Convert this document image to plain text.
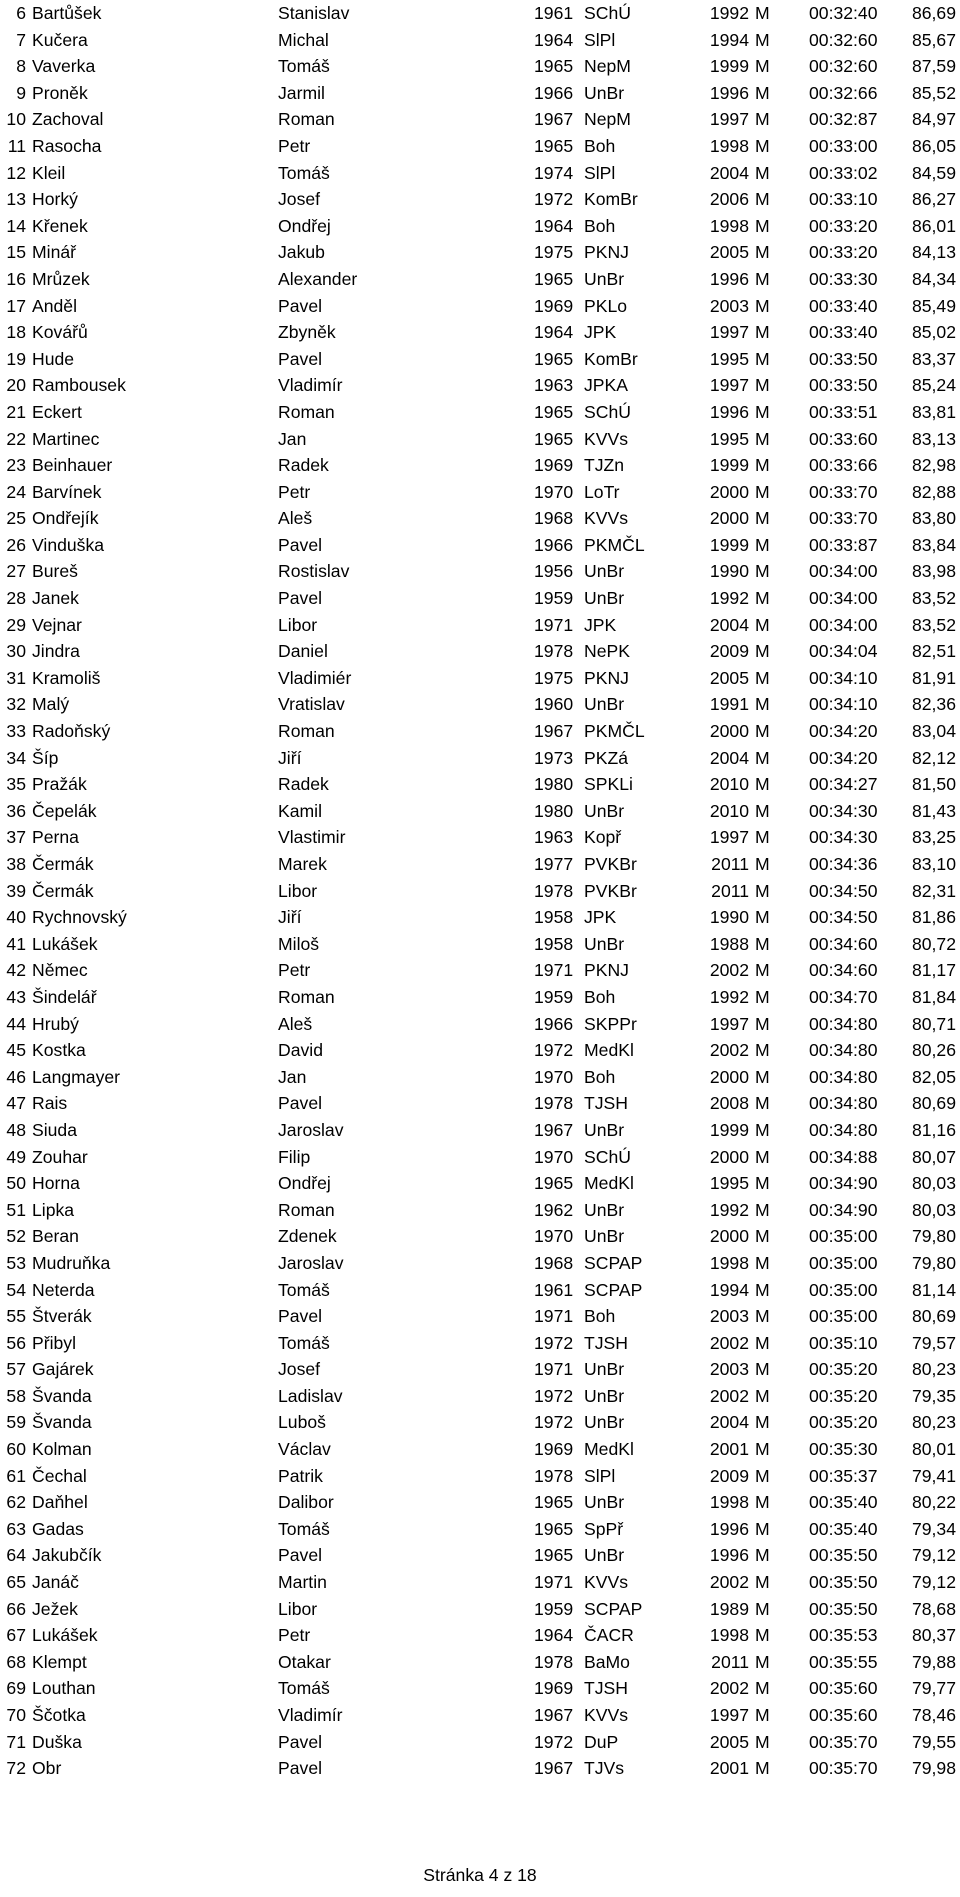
6 Bartůšek	Stanislav	1961 SChÚ	1992 M 00:32:40	86,69
7 Kučera	Michal	1964 SlPl	1994 M 00:32:60	85,67
8 Vaverka	Tomáš	1965 NepM	1999 M 00:32:60	87,59
9 Proněk	Jarmil	1966 UnBr	1996 M 00:32:66	85,52
10 Zachoval	Roman	1967 NepM	1997 M 00:32:87	84,97
11 Rasocha	Petr	1965 Boh	1998 M 00:33:00	86,05
12 Kleil	Tomáš	1974 SlPl	2004 M 00:33:02	84,59
13 Horký	Josef	1972 KomBr	2006 M 00:33:10	86,27
14 Křenek	Ondřej	1964 Boh	1998 M 00:33:20	86,01
15 Minář	Jakub	1975 PKNJ	2005 M 00:33:20	84,13
16 Mrůzek	Alexander	1965 UnBr	1996 M 00:33:30	84,34
17 Anděl	Pavel	1969 PKLo	2003 M 00:33:40	85,49
18 Kovářů	Zbyněk	1964 JPK	1997 M 00:33:40	85,02
19 Hude	Pavel	1965 KomBr	1995 M 00:33:50	83,37
20 Rambousek	Vladimír	1963 JPKA	1997 M 00:33:50	85,24
21 Eckert	Roman	1965 SChÚ	1996 M 00:33:51	83,81
22 Martinec	Jan	1965 KVVs	1995 M 00:33:60	83,13
23 Beinhauer	Radek	1969 TJZn	1999 M 00:33:66	82,98
24 Barvínek	Petr	1970 LoTr	2000 M 00:33:70	82,88
25 Ondřejík	Aleš	1968 KVVs	2000 M 00:33:70	83,80
26 Vinduška	Pavel	1966 PKMČL	1999 M 00:33:87	83,84
27 Bureš	Rostislav	1956 UnBr	1990 M 00:34:00	83,98
28 Janek	Pavel	1959 UnBr	1992 M 00:34:00	83,52
29 Vejnar	Libor	1971 JPK	2004 M 00:34:00	83,52
30 Jindra	Daniel	1978 NePK	2009 M 00:34:04	82,51
31 Kramoliš	Vladimiér	1975 PKNJ	2005 M 00:34:10	81,91
32 Malý	Vratislav	1960 UnBr	1991 M 00:34:10	82,36
33 Radoňský	Roman	1967 PKMČL	2000 M 00:34:20	83,04
34 Šíp	Jiří	1973 PKZá	2004 M 00:34:20	82,12
35 Pražák	Radek	1980 SPKLi	2010 M 00:34:27	81,50
36 Čepelák	Kamil	1980 UnBr	2010 M 00:34:30	81,43
37 Perna	Vlastimir	1963 Kopř	1997 M 00:34:30	83,25
38 Čermák	Marek	1977 PVKBr	2011 M 00:34:36	83,10
39 Čermák	Libor	1978 PVKBr	2011 M 00:34:50	82,31
40 Rychnovský	Jiří	1958 JPK	1990 M 00:34:50	81,86
41 Lukášek	Miloš	1958 UnBr	1988 M 00:34:60	80,72
42 Němec	Petr	1971 PKNJ	2002 M 00:34:60	81,17
43 Šindelář	Roman	1959 Boh	1992 M 00:34:70	81,84
44 Hrubý	Aleš	1966 SKPPr	1997 M 00:34:80	80,71
45 Kostka	David	1972 MedKl	2002 M 00:34:80	80,26
46 Langmayer	Jan	1970 Boh	2000 M 00:34:80	82,05
47 Rais	Pavel	1978 TJSH	2008 M 00:34:80	80,69
48 Siuda	Jaroslav	1967 UnBr	1999 M 00:34:80	81,16
49 Zouhar	Filip	1970 SChÚ	2000 M 00:34:88	80,07
50 Horna	Ondřej	1965 MedKl	1995 M 00:34:90	80,03
51 Lipka	Roman	1962 UnBr	1992 M 00:34:90	80,03
52 Beran	Zdenek	1970 UnBr	2000 M 00:35:00	79,80
53 Mudruňka	Jaroslav	1968 SCPAP	1998 M 00:35:00	79,80
54 Neterda	Tomáš	1961 SCPAP	1994 M 00:35:00	81,14
55 Štverák	Pavel	1971 Boh	2003 M 00:35:00	80,69
56 Přibyl	Tomáš	1972 TJSH	2002 M 00:35:10	79,57
57 Gajárek	Josef	1971 UnBr	2003 M 00:35:20	80,23
58 Švanda	Ladislav	1972 UnBr	2002 M 00:35:20	79,35
59 Švanda	Luboš	1972 UnBr	2004 M 00:35:20	80,23
60 Kolman	Václav	1969 MedKl	2001 M 00:35:30	80,01
61 Čechal	Patrik	1978 SlPl	2009 M 00:35:37	79,41
62 Daňhel	Dalibor	1965 UnBr	1998 M 00:35:40	80,22
63 Gadas	Tomáš	1965 SpPř	1996 M 00:35:40	79,34
64 Jakubčík	Pavel	1965 UnBr	1996 M 00:35:50	79,12
65 Janáč	Martin	1971 KVVs	2002 M 00:35:50	79,12
66 Ježek	Libor	1959 SCPAP	1989 M 00:35:50	78,68
67 Lukášek	Petr	1964 ČACR	1998 M 00:35:53	80,37
68 Klempt	Otakar	1978 BaMo	2011 M 00:35:55	79,88
69 Louthan	Tomáš	1969 TJSH	2002 M 00:35:60	79,77
70 Ščotka	Vladimír	1967 KVVs	1997 M 00:35:60	78,46
71 Duška	Pavel	1972 DuP	2005 M 00:35:70	79,55
72 Obr	Pavel	1967 TJVs	2001 M 00:35:70	79,98
Stránka 4 z 18
